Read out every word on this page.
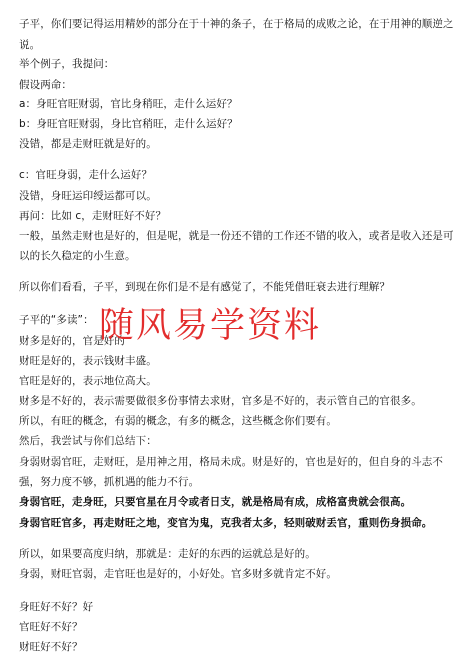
子平，你们要记得运用精妙的部分在于十神的条子，在于格局的成败之论，在于用神的顺逆之
说。
举个例子，我提问：
假设两命：
a：身旺官旺财弱，官比身稍旺，走什么运好？
b：身旺官旺财弱，身比官稍旺，走什么运好？
没错，都是走财旺就是好的。
c：官旺身弱，走什么运好？
没错，身旺运印绶运都可以。
再问：比如 c，走财旺好不好？
一般，虽然走财也是好的，但是呢，就是一份还不错的工作还不错的收入，或者是收入还是可
以的长久稳定的小生意。
所以你们看看，子平，到现在你们是不是有感觉了，不能凭借旺衰去进行理解？
子平的“多读”：
财多是好的，官是好的
财旺是好的，表示钱财丰盛。
官旺是好的，表示地位高大。
财多是不好的，表示需要做很多份事情去求财，官多是不好的，表示管自己的官很多。
所以，有旺的概念，有弱的概念，有多的概念，这些概念你们要有。
然后，我尝试与你们总结下：
身弱财弱官旺，走财旺，是用神之用，格局未成。财是好的，官也是好的，但自身的斗志不
强，努力度不够，抓机遇的能力不行。
身弱官旺，走身旺，只要官星在月令或者日支，就是格局有成，成格富贵就会很高。
身弱官旺官多，再走财旺之地，变官为鬼，克我者太多，轻则破财丢官，重则伤身损命。
所以，如果要高度归纳，那就是：走好的东西的运就总是好的。
身弱，财旺官弱，走官旺也是好的，小好处。官多财多就肯定不好。
身旺好不好？好
官旺好不好？
财旺好不好？
随风易学资料
